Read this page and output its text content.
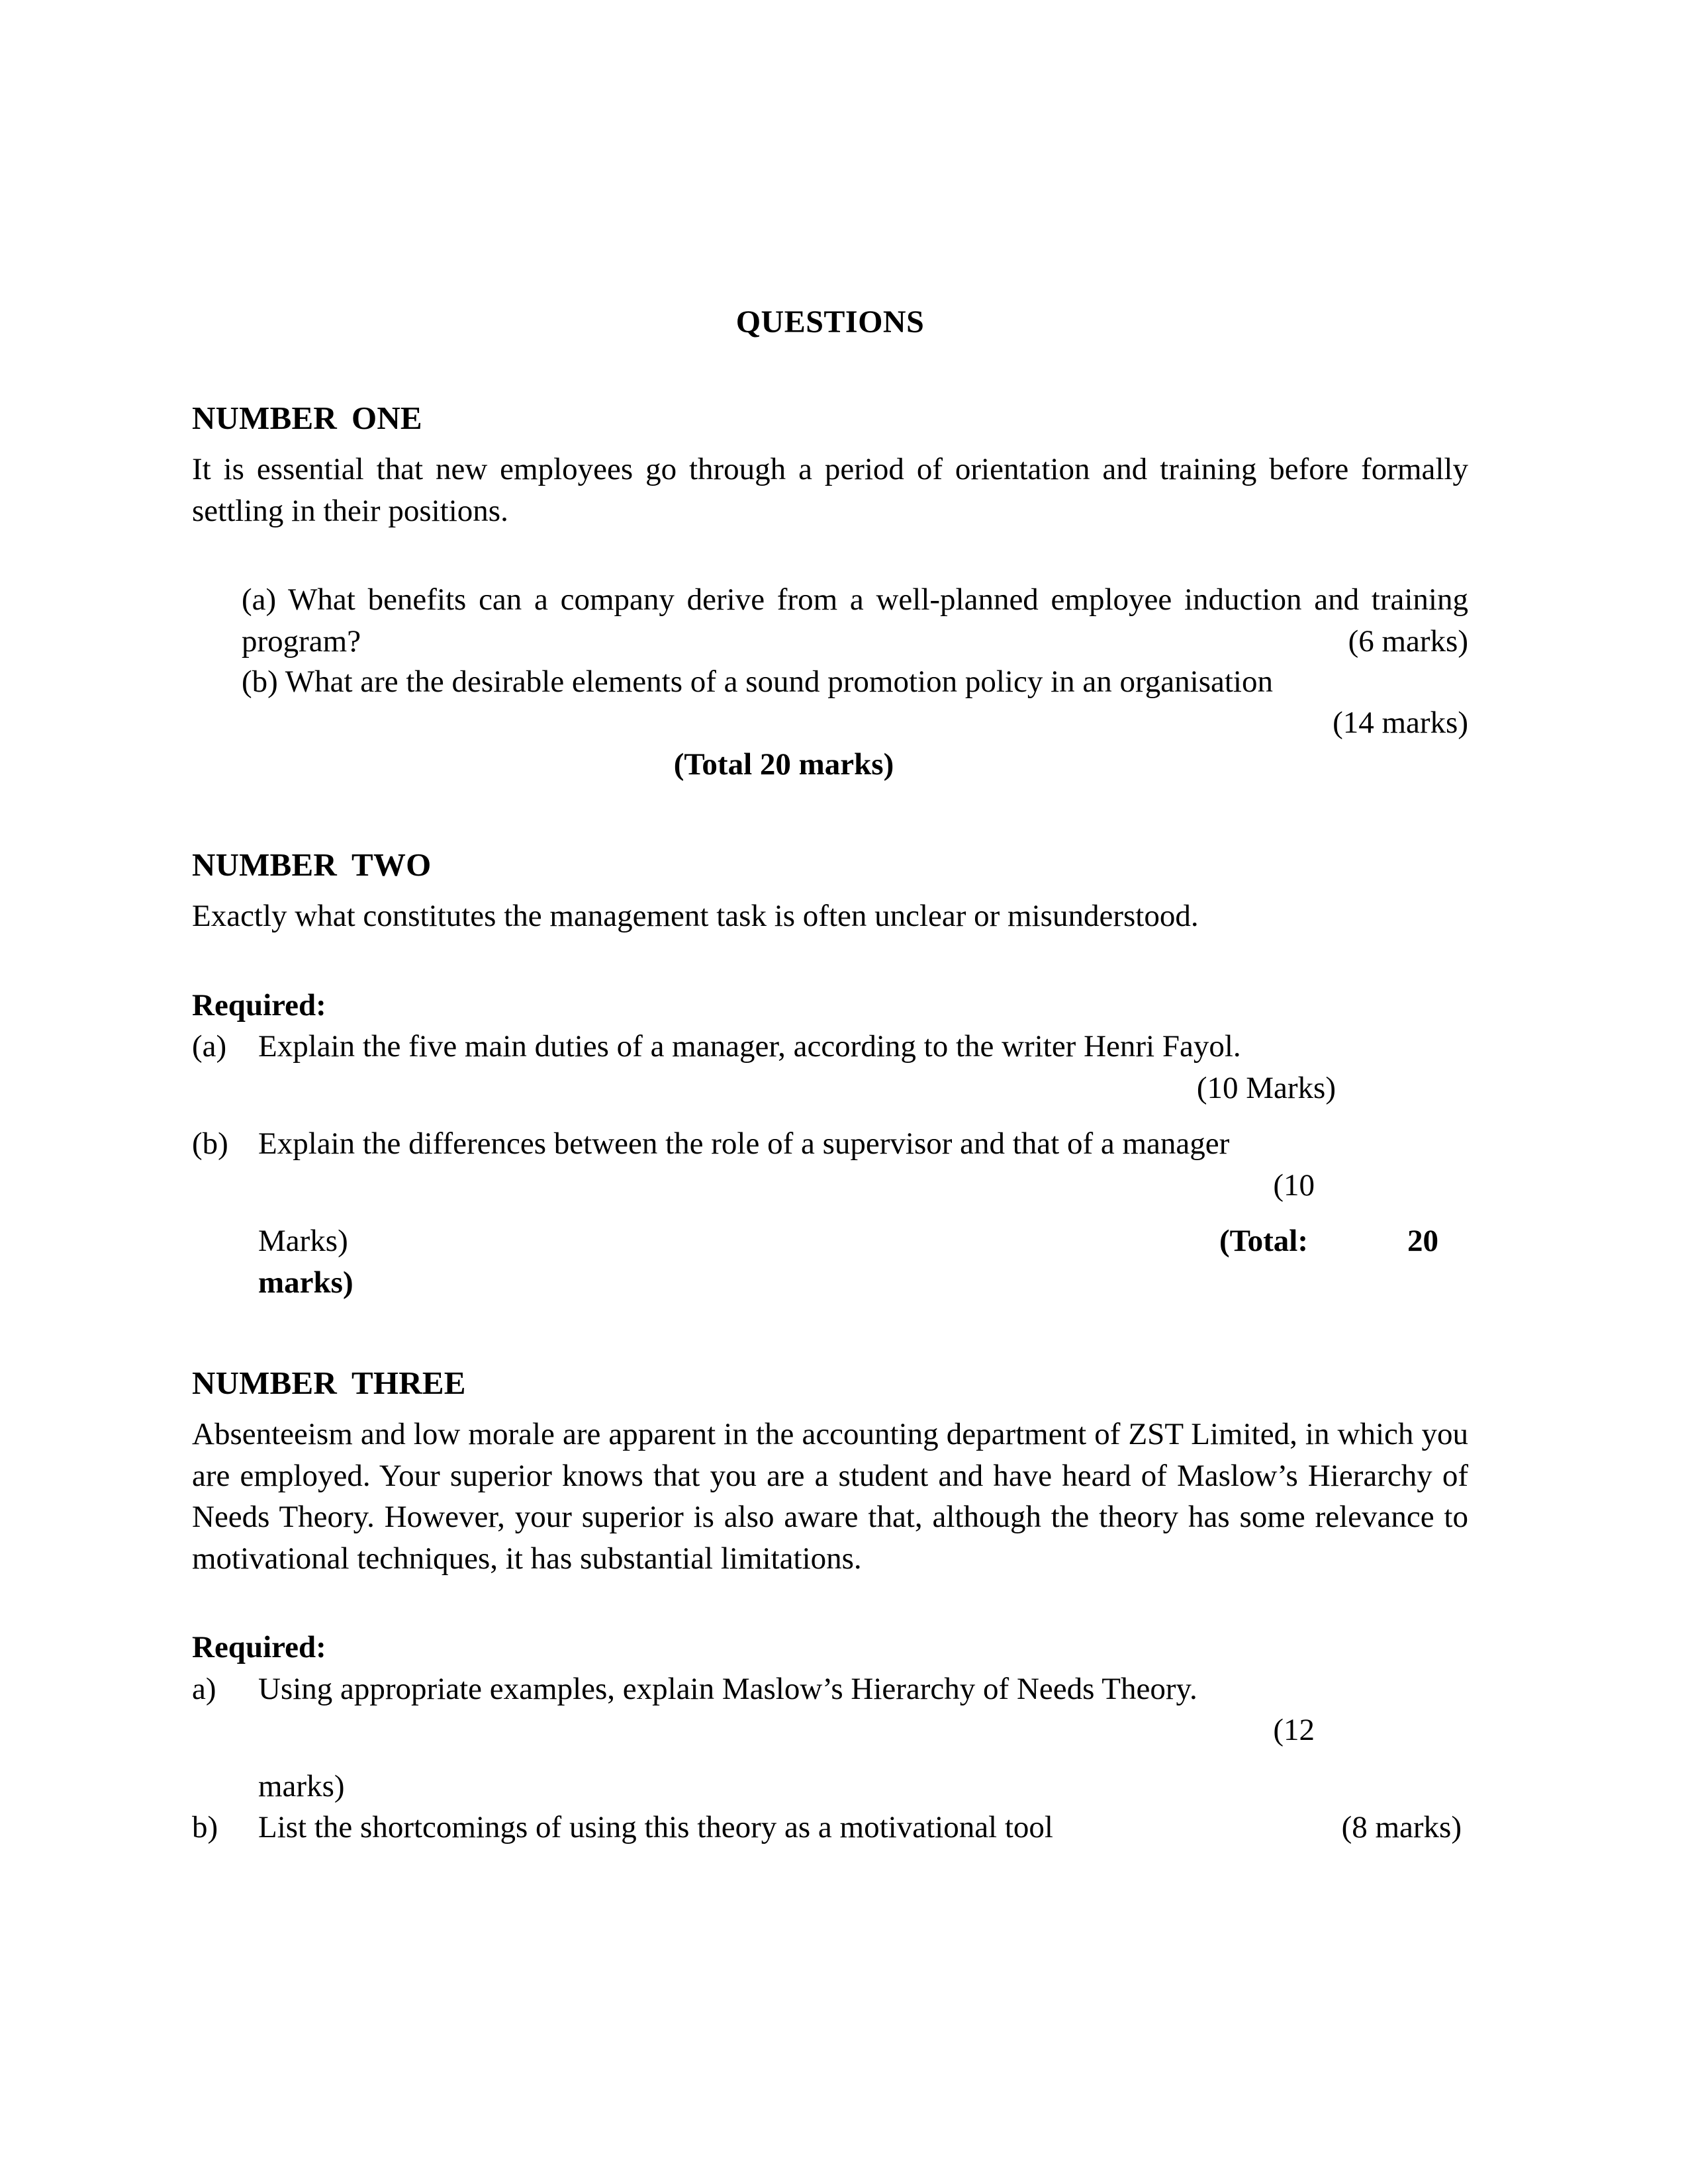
QUESTIONS
NUMBER ONE

It is essential that new employees go through a period of orientation and training before formally settling in their positions.

(a) What benefits can a company derive from a well-planned employee induction and training program?	(6 marks)

(b) What are the desirable elements of a sound promotion policy in an organisation

(14 marks)

(Total 20 marks)

NUMBER TWO

Exactly what constitutes the management task is often unclear or misunderstood.

Required:

(a)	Explain the five main duties of a manager, according to the writer Henri Fayol.

(10 Marks)

(b) Explain the differences between the role of a supervisor and that of a manager

(10

Marks)	(Total:	20

marks)

NUMBER THREE

Absenteeism and low morale are apparent in the accounting department of ZST Limited, in which you are employed. Your superior knows that you are a student and have heard of Maslow’s Hierarchy of Needs Theory. However, your superior is also aware that, although the theory has some relevance to motivational techniques, it has substantial limitations.

Required:

a)	Using appropriate examples, explain Maslow’s Hierarchy of Needs Theory.

(12

marks)

b)	List the shortcomings of using this theory as a motivational tool	(8 marks)
